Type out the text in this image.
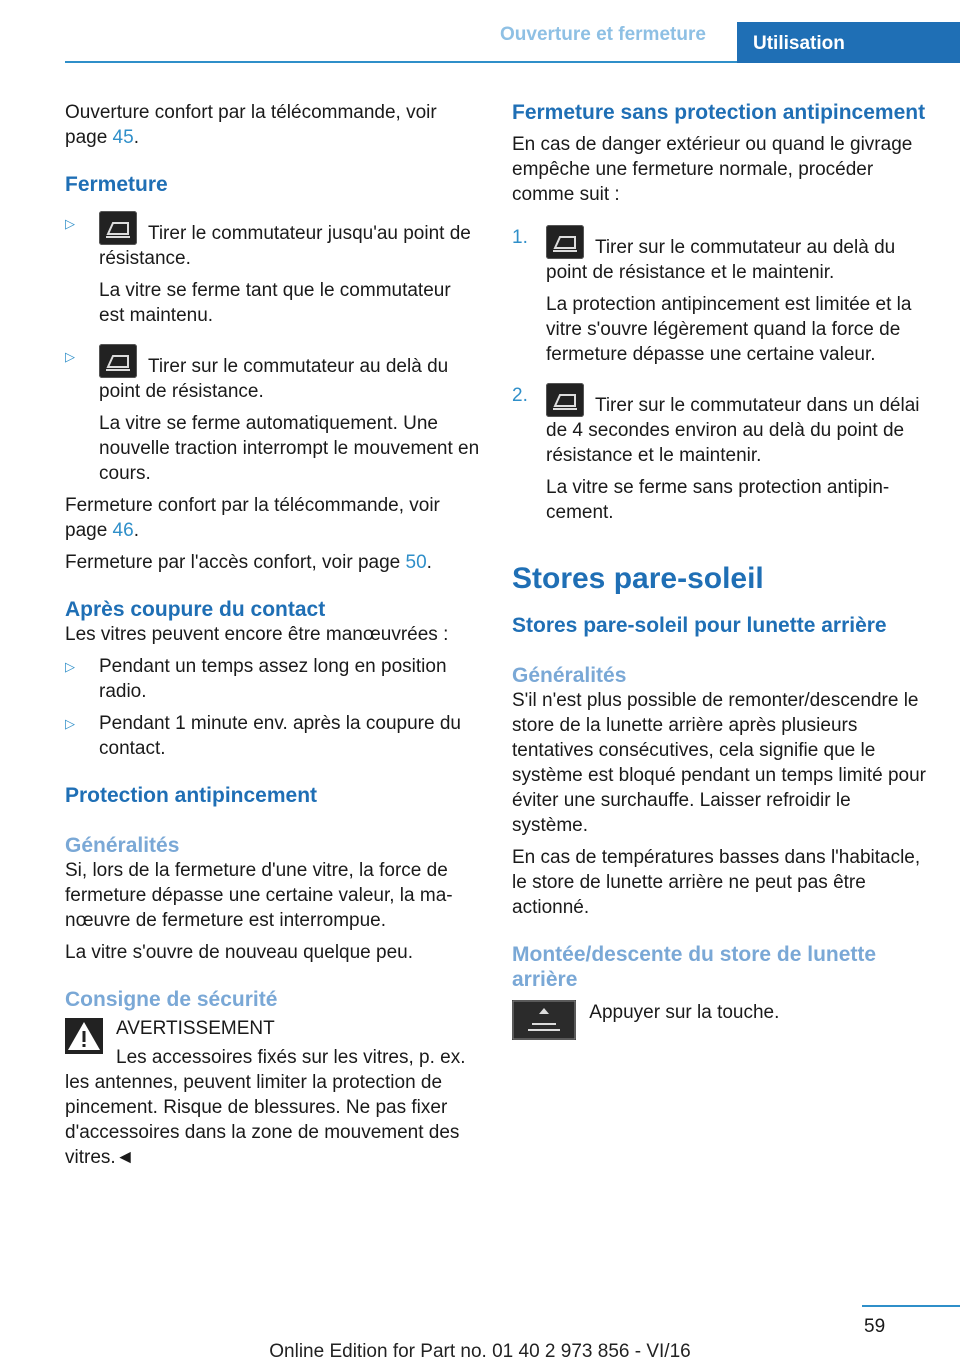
Ouverture et fermeture	Utilisation

Ouverture confort par la télécommande, voir page 45.

Fermeture
▷	Tirer le commutateur jusqu'au point de résistance.

La vitre se ferme tant que le commutateur est maintenu.

▷	Tirer sur le commutateur au delà du point de résistance.

La vitre se ferme automatiquement. Une nouvelle traction interrompt le mouvement en cours.

Fermeture confort par la télécommande, voir page 46.

Fermeture par l'accès confort, voir page 50.

Après coupure du contact

Les vitres peuvent encore être manœuvrées :

▷ Pendant un temps assez long en position radio.
▷ Pendant 1 minute env. après la coupure du contact.
Protection antipincement
Généralités

Si, lors de la fermeture d'une vitre, la force de fermeture dépasse une certaine valeur, la manœuvre de fermeture est interrompue.

La vitre s'ouvre de nouveau quelque peu.

Consigne de sécurité

AVERTISSEMENT

Les accessoires fixés sur les vitres, p. ex. les antennes, peuvent limiter la protection de pincement. Risque de blessures. Ne pas fixer d'accessoires dans la zone de mouvement des vitres.◄

Fermeture sans protection antipincement

En cas de danger extérieur ou quand le givrage empêche une fermeture normale, procéder comme suit :

1.	Tirer sur le commutateur au delà du point de résistance et le maintenir.

La protection antipincement est limitée et la vitre s'ouvre légèrement quand la force de fermeture dépasse une certaine valeur.

2.	Tirer sur le commutateur dans un délai de 4 secondes environ au delà du point de résistance et le maintenir.

La vitre se ferme sans protection antipincement.

Stores pare-soleil
Stores pare-soleil pour lunette arrière
Généralités

S'il n'est plus possible de remonter/descendre le store de la lunette arrière après plusieurs tentatives consécutives, cela signifie que le système est bloqué pendant un temps limité pour éviter une surchauffe. Laisser refroidir le système.

En cas de températures basses dans l'habitacle, le store de lunette arrière ne peut pas être actionné.

Montée/descente du store de lunette arrière
Appuyer sur la touche.
59
Online Edition for Part no. 01 40 2 973 856 - VI/16
